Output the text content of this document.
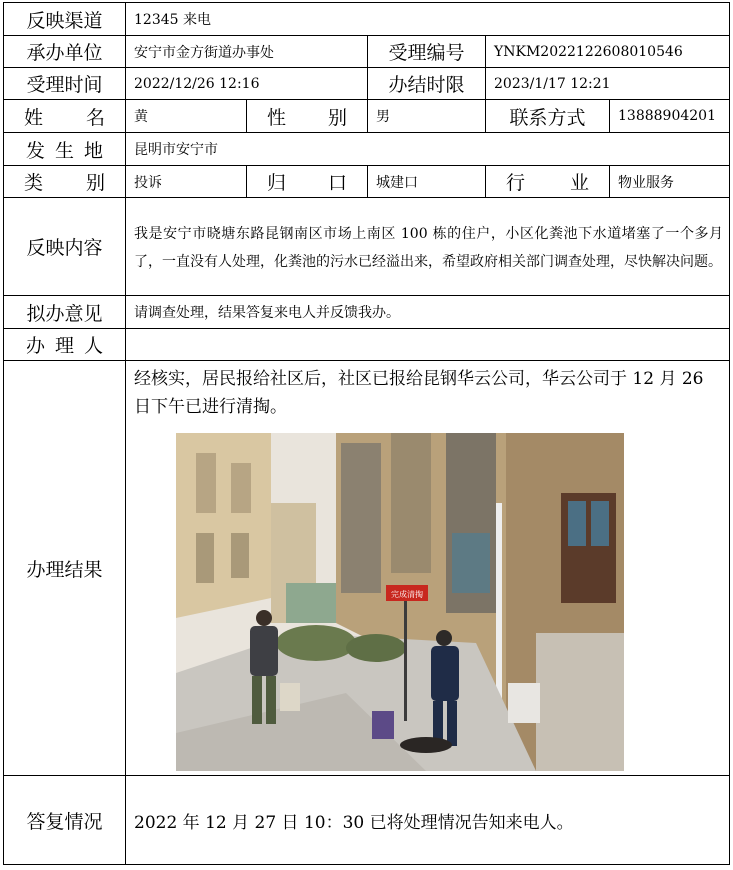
反映渠道	12345 来电				
承办单位	安宁市金方街道办事处		受理编号	YNKM2022122608010546	
受理时间	2022/12/26 12:16		办结时限	2023/1/17 12:21	

姓 名	黄	性 别	男	联系方式	13888904201

发 生 地	昆明市安宁市				

类 别	投诉	归 口	城建口	行 业	物业服务
反映内容	我是安宁市晓塘东路昆钢南区市场上南区 100 栋的住户，小区化粪池下水道堵塞了一个多月了，一直没有人处理，化粪池的污水已经溢出来，希望政府相关部门调查处理，尽快解决问题。				
拟办意见	请调查处理，结果答复来电人并反馈我办。				

办 理 人					

办理结果	经核实，居民报给社区后，社区已报给昆钢华云公司，华云公司于 12 月 26 日下午已进行清掏。
完成清掏				

答复情况	2022 年 12 月 27 日 10：30 已将处理情况告知来电人。				
